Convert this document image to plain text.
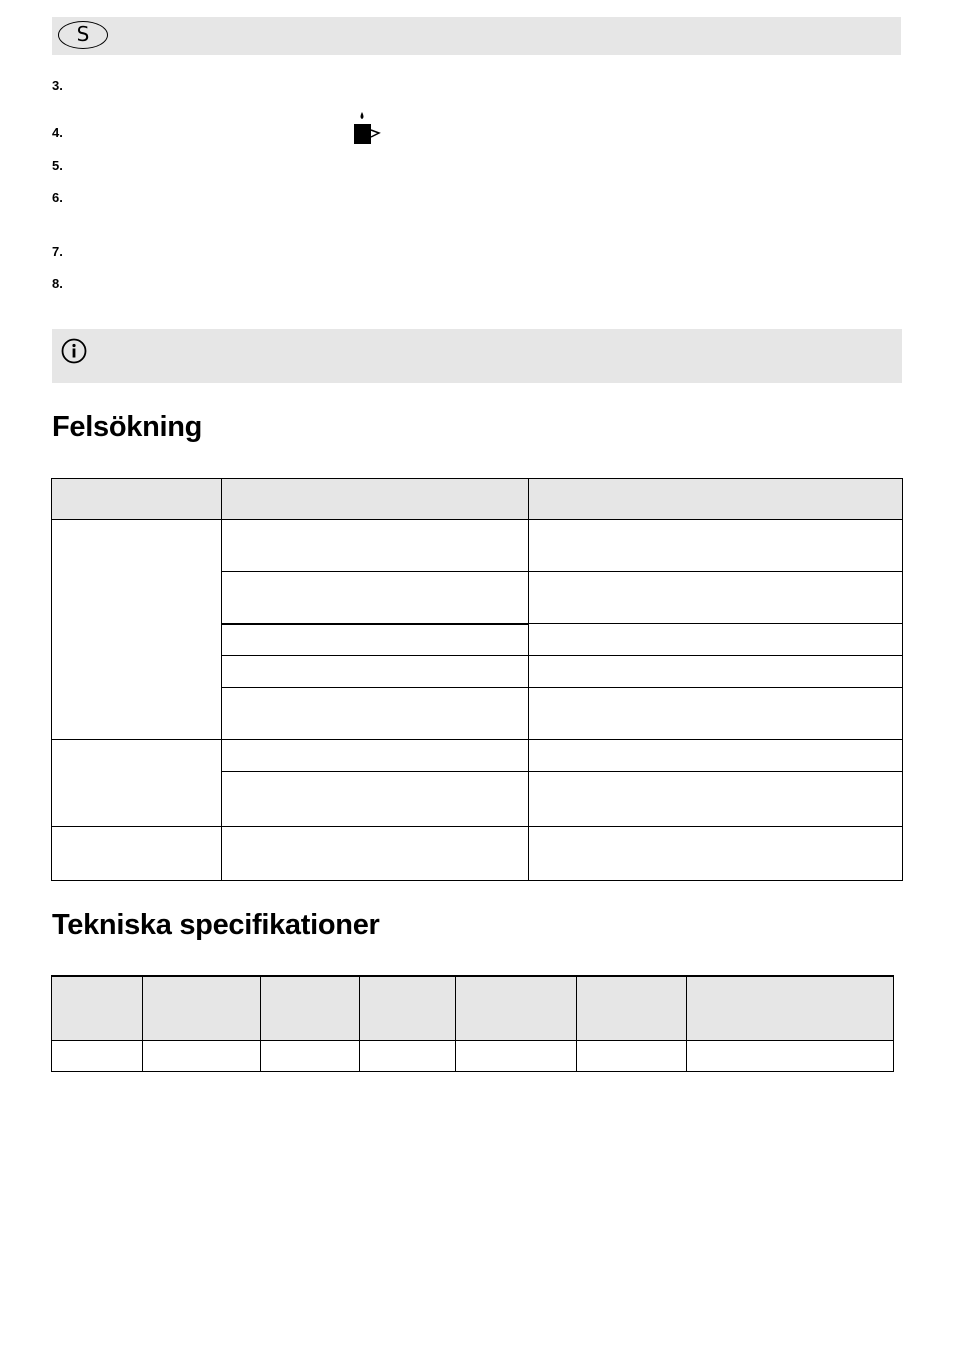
S
3.
4.
5.
6.
7.
8.
Felsökning

Tekniska specifikationer
